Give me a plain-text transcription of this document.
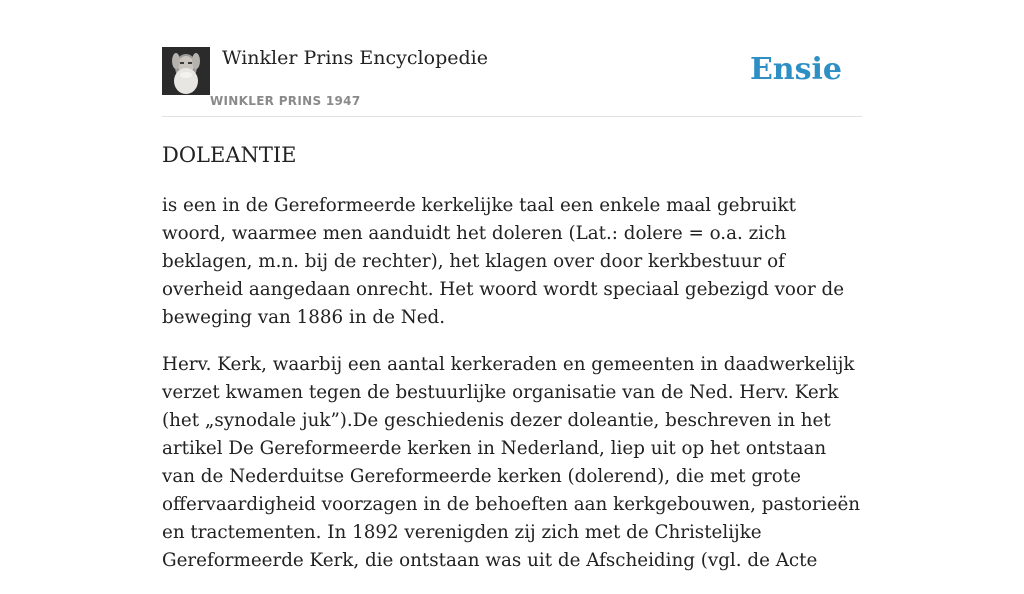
Winkler Prins Encyclopedie
WINKLER PRINS 1947
Ensie
DOLEANTIE

is een in de Gereformeerde kerkelijke taal een enkele maal gebruikt woord, waarmee men aanduidt het doleren (Lat.: dolere = o.a. zich beklagen, m.n. bij de rechter), het klagen over door kerkbestuur of overheid aangedaan onrecht. Het woord wordt speciaal gebezigd voor de beweging van 1886 in de Ned.

Herv. Kerk, waarbij een aantal kerkeraden en gemeenten in daadwerkelijk verzet kwamen tegen de bestuurlijke organisatie van de Ned. Herv. Kerk (het „synodale juk”).De geschiedenis dezer doleantie, beschreven in het artikel De Gereformeerde kerken in Nederland, liep uit op het ontstaan van de Nederduitse Gereformeerde kerken (dolerend), die met grote offervaardigheid voorzagen in de behoeften aan kerkgebouwen, pastorieën en tractementen. In 1892 verenigden zij zich met de Christelijke Gereformeerde Kerk, die ontstaan was uit de Afscheiding (vgl. de Acte
